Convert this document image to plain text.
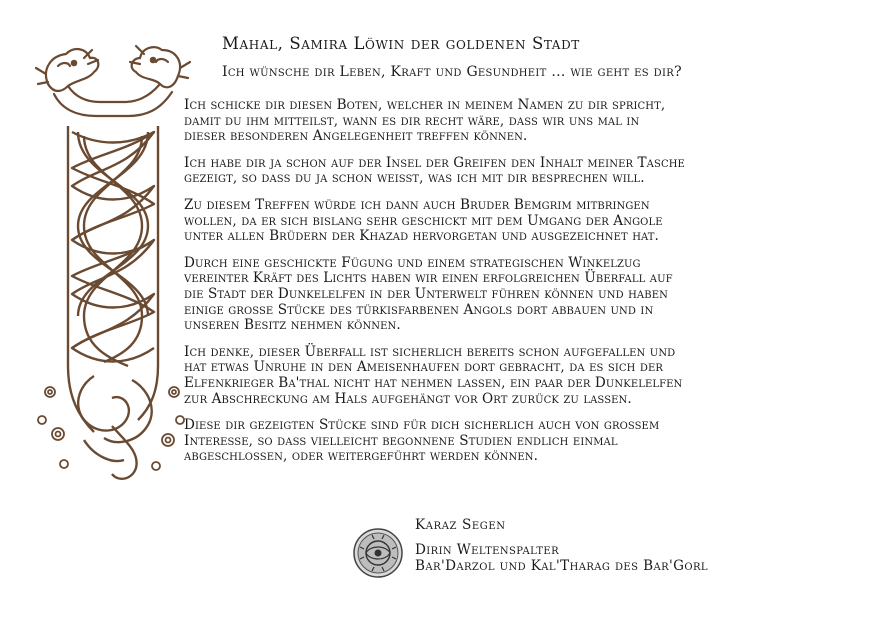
Mahal, Samira Löwin der goldenen Stadt
Ich wünsche dir Leben, Kraft und Gesundheit ... wie geht es dir?

Ich schicke dir diesen Boten, welcher in meinem Namen zu dir spricht,
damit du ihm mitteilst, wann es dir recht wäre, dass wir uns mal in
dieser besonderen Angelegenheit treffen können.

Ich habe dir ja schon auf der Insel der Greifen den Inhalt meiner Tasche
gezeigt, so dass du ja schon weißt, was ich mit dir besprechen will.

Zu diesem Treffen würde ich dann auch Bruder Bemgrim mitbringen
wollen, da er sich bislang sehr geschickt mit dem Umgang der Angole
unter allen Brüdern der Khazad hervorgetan und ausgezeichnet hat.

Durch eine geschickte Fügung und einem strategischen Winkelzug
vereinter Kräft des Lichts haben wir einen erfolgreichen Überfall auf
die Stadt der Dunkelelfen in der Unterwelt führen können und haben
einige große Stücke des türkisfarbenen Angols dort abbauen und in
unseren Besitz nehmen können.

Ich denke, dieser Überfall ist sicherlich bereits schon aufgefallen und
hat etwas Unruhe in den Ameisenhaufen dort gebracht, da es sich der
Elfenkrieger Ba'thal nicht hat nehmen lassen, ein paar der Dunkelelfen
zur Abschreckung am Hals aufgehängt vor Ort zurück zu lassen.

Diese dir gezeigten Stücke sind für dich sicherlich auch von großem
Interesse, so dass vielleicht begonnene Studien endlich einmal
abgeschlossen, oder weitergeführt werden können.

Karaz Segen
Dirin Weltenspalter
Bar'Darzol und Kal'Tharag des Bar'Gorl
